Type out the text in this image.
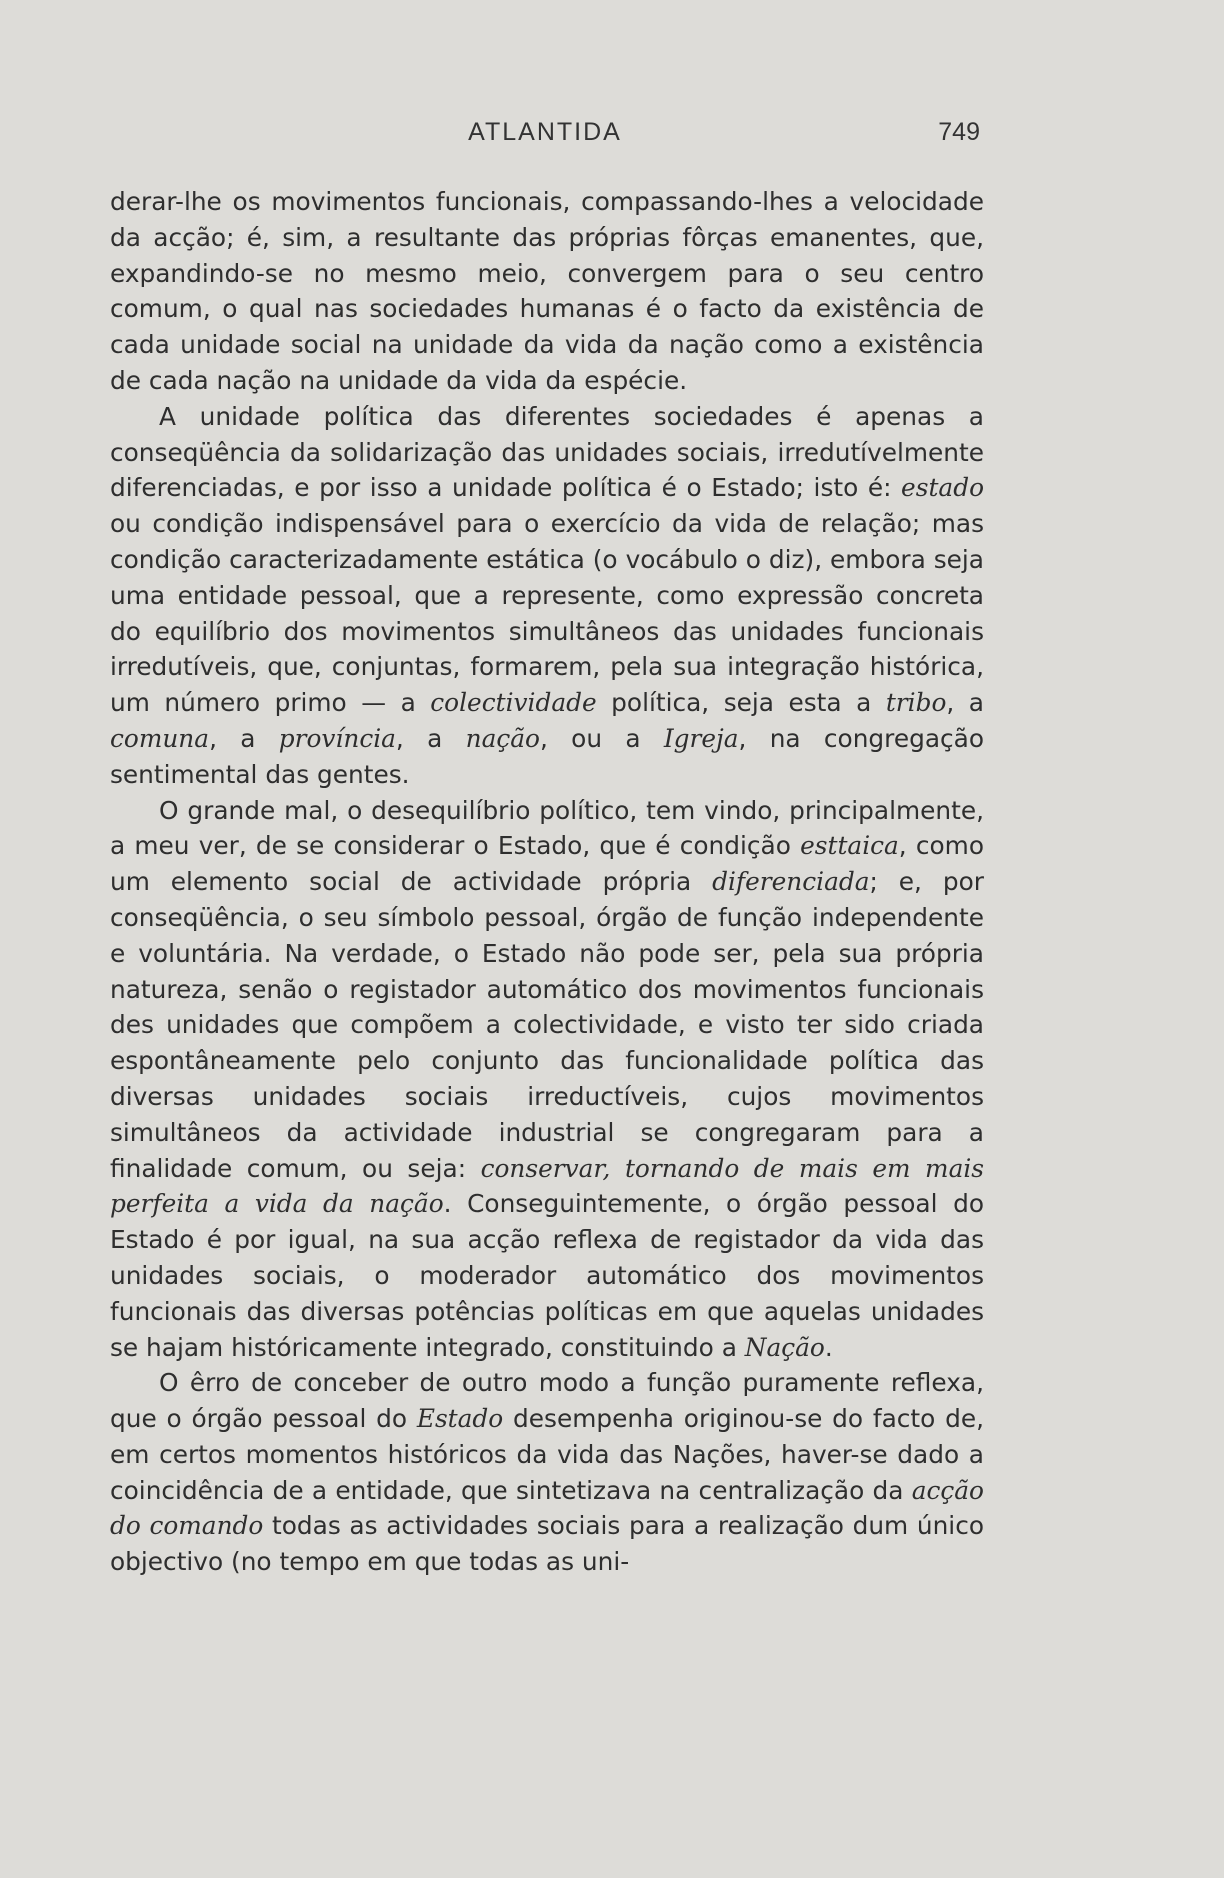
ATLANTIDA	749

derar-lhe os movimentos funcionais, compassando-lhes a velocidade da acção; é, sim, a resultante das próprias fôrças emanentes, que, expandindo-se no mesmo meio, convergem para o seu centro comum, o qual nas sociedades humanas é o facto da existência de cada unidade social na unidade da vida da nação como a existência de cada nação na unidade da vida da espécie.

A unidade política das diferentes sociedades é apenas a conseqüência da solidarização das unidades sociais, irredutívelmente diferenciadas, e por isso a unidade política é o Estado; isto é: estado ou condição indispensável para o exercício da vida de relação; mas condição caracterizadamente estática (o vocábulo o diz), embora seja uma entidade pessoal, que a represente, como expressão concreta do equilíbrio dos movimentos simultâneos das unidades funcionais irredutíveis, que, conjuntas, formarem, pela sua integração histórica, um número primo — a colectividade política, seja esta a tribo, a comuna, a província, a nação, ou a Igreja, na congregação sentimental das gentes.

O grande mal, o desequilíbrio político, tem vindo, principalmente, a meu ver, de se considerar o Estado, que é condição esttaica, como um elemento social de actividade própria diferenciada; e, por conseqüência, o seu símbolo pessoal, órgão de função independente e voluntária. Na verdade, o Estado não pode ser, pela sua própria natureza, senão o registador automático dos movimentos funcionais des unidades que compõem a colectividade, e visto ter sido criada espontâneamente pelo conjunto das funcionalidade política das diversas unidades sociais irreductíveis, cujos movimentos simultâneos da actividade industrial se congregaram para a finalidade comum, ou seja: conservar, tornando de mais em mais perfeita a vida da nação. Conseguintemente, o órgão pessoal do Estado é por igual, na sua acção reflexa de registador da vida das unidades sociais, o moderador automático dos movimentos funcionais das diversas potências políticas em que aquelas unidades se hajam históricamente integrado, constituindo a Nação.

O êrro de conceber de outro modo a função puramente reflexa, que o órgão pessoal do Estado desempenha originou-se do facto de, em certos momentos históricos da vida das Nações, haver-se dado a coincidência de a entidade, que sintetizava na centralização da acção do comando todas as actividades sociais para a realização dum único objectivo (no tempo em que todas as uni-
